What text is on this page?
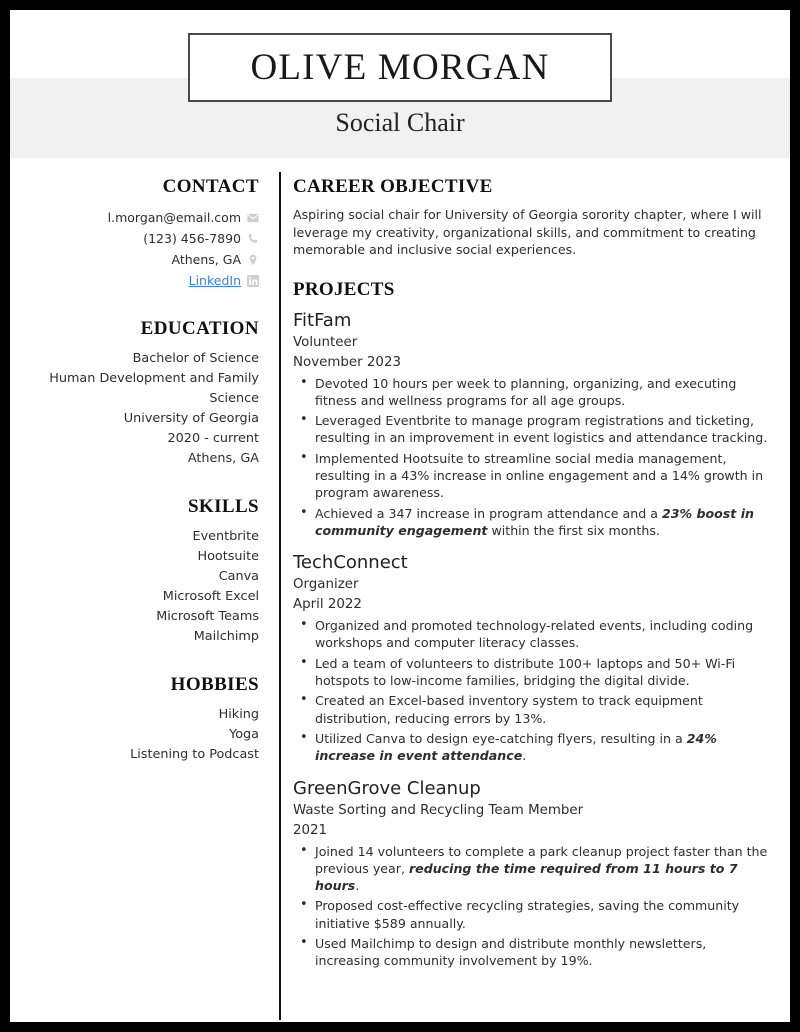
OLIVE MORGAN
Social Chair
CONTACT
l.morgan@email.com
(123) 456-7890
Athens, GA
LinkedIn
EDUCATION
Bachelor of Science
Human Development and Family Science
University of Georgia
2020 - current
Athens, GA
SKILLS
Eventbrite
Hootsuite
Canva
Microsoft Excel
Microsoft Teams
Mailchimp
HOBBIES
Hiking
Yoga
Listening to Podcast
CAREER OBJECTIVE
Aspiring social chair for University of Georgia sorority chapter, where I will leverage my creativity, organizational skills, and commitment to creating memorable and inclusive social experiences.
PROJECTS
FitFam
Volunteer
November 2023
• Devoted 10 hours per week to planning, organizing, and executing fitness and wellness programs for all age groups.
• Leveraged Eventbrite to manage program registrations and ticketing, resulting in an improvement in event logistics and attendance tracking.
• Implemented Hootsuite to streamline social media management, resulting in a 43% increase in online engagement and a 14% growth in program awareness.
• Achieved a 347 increase in program attendance and a 23% boost in community engagement within the first six months.
TechConnect
Organizer
April 2022
• Organized and promoted technology-related events, including coding workshops and computer literacy classes.
• Led a team of volunteers to distribute 100+ laptops and 50+ Wi-Fi hotspots to low-income families, bridging the digital divide.
• Created an Excel-based inventory system to track equipment distribution, reducing errors by 13%.
• Utilized Canva to design eye-catching flyers, resulting in a 24% increase in event attendance.
GreenGrove Cleanup
Waste Sorting and Recycling Team Member
2021
• Joined 14 volunteers to complete a park cleanup project faster than the previous year, reducing the time required from 11 hours to 7 hours.
• Proposed cost-effective recycling strategies, saving the community initiative $589 annually.
• Used Mailchimp to design and distribute monthly newsletters, increasing community involvement by 19%.
